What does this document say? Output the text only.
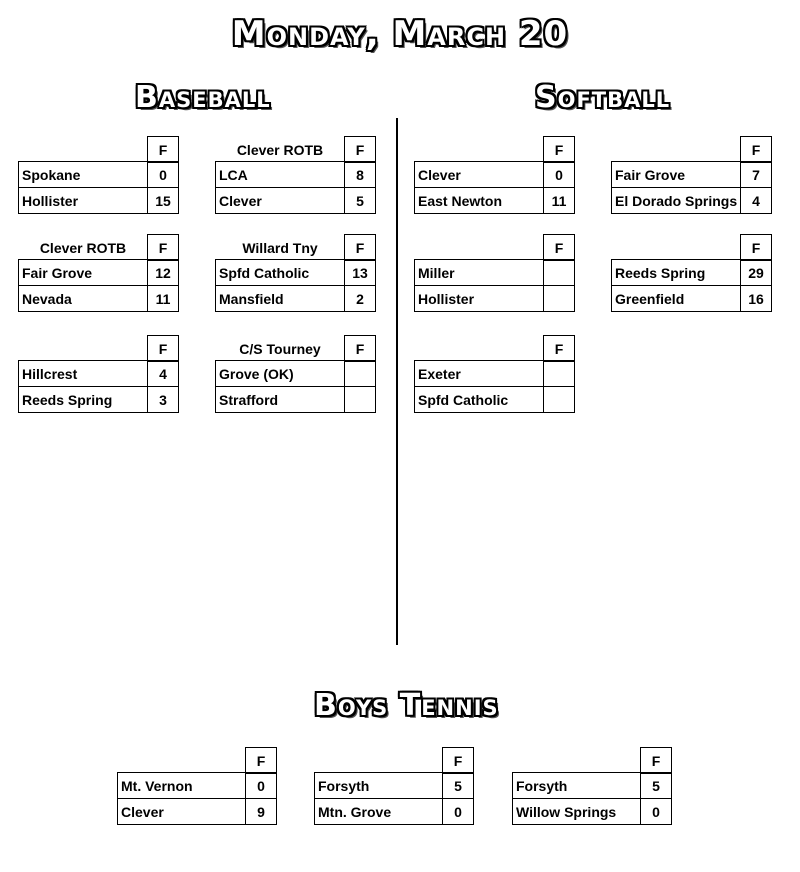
Monday, March 20
Baseball	Softball
Boys Tennis
F
Spokane	0
Hollister	15
Clever ROTB	F
LCA	8
Clever	5
Clever ROTB	F
Fair Grove	12
Nevada	11
Willard Tny	F
Spfd Catholic	13
Mansfield	2
F
Hillcrest	4
Reeds Spring	3
C/S Tourney	F
Grove (OK)
Strafford
F
Clever	0
East Newton	11
F
Fair Grove	7
El Dorado Springs	4
F
Miller
Hollister
F
Reeds Spring	29
Greenfield	16
F
Exeter
Spfd Catholic
F
Mt. Vernon	0
Clever	9
F
Forsyth	5
Mtn. Grove	0
F
Forsyth	5
Willow Springs	0
